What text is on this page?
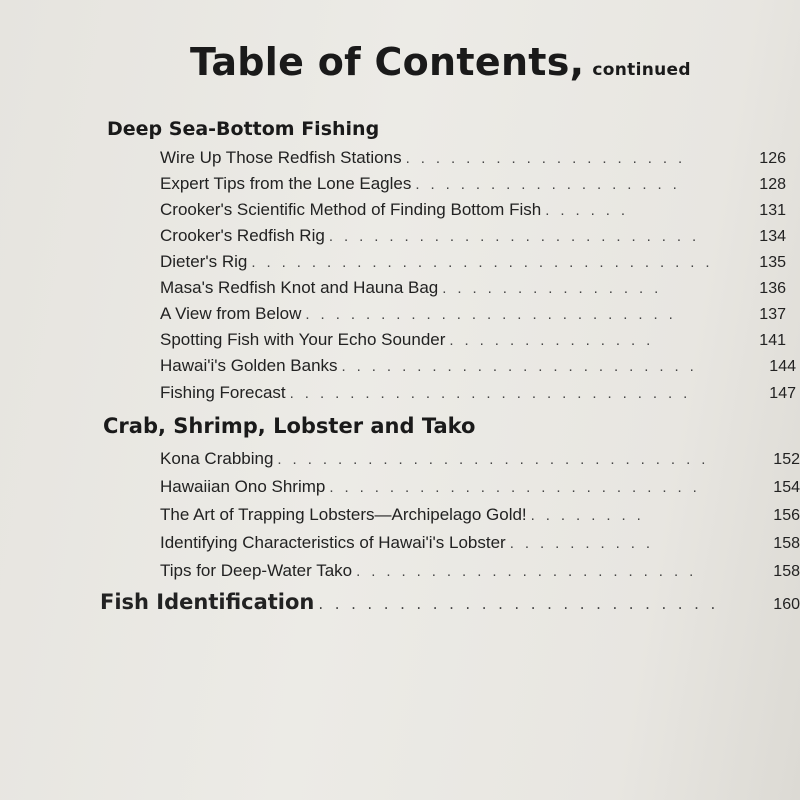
Table of Contents, continued
Deep Sea-Bottom Fishing
Wire Up Those Redfish Stations . . .	126
Expert Tips from the Lone Eagles . . .	128
Crooker's Scientific Method of Finding Bottom Fish . . .	131
Crooker's Redfish Rig . . .	134
Dieter's Rig . . .	135
Masa's Redfish Knot and Hauna Bag . . .	136
A View from Below . . .	137
Spotting Fish with Your Echo Sounder . . .	141
Hawai'i's Golden Banks . . .	144
Fishing Forecast . . .	147
Crab, Shrimp, Lobster and Tako
Kona Crabbing . . .	152
Hawaiian Ono Shrimp . . .	154
The Art of Trapping Lobsters—Archipelago Gold! . . .	156
Identifying Characteristics of Hawai'i's Lobster . . .	158
Tips for Deep-Water Tako . . .	158
Fish Identification . . .	160
